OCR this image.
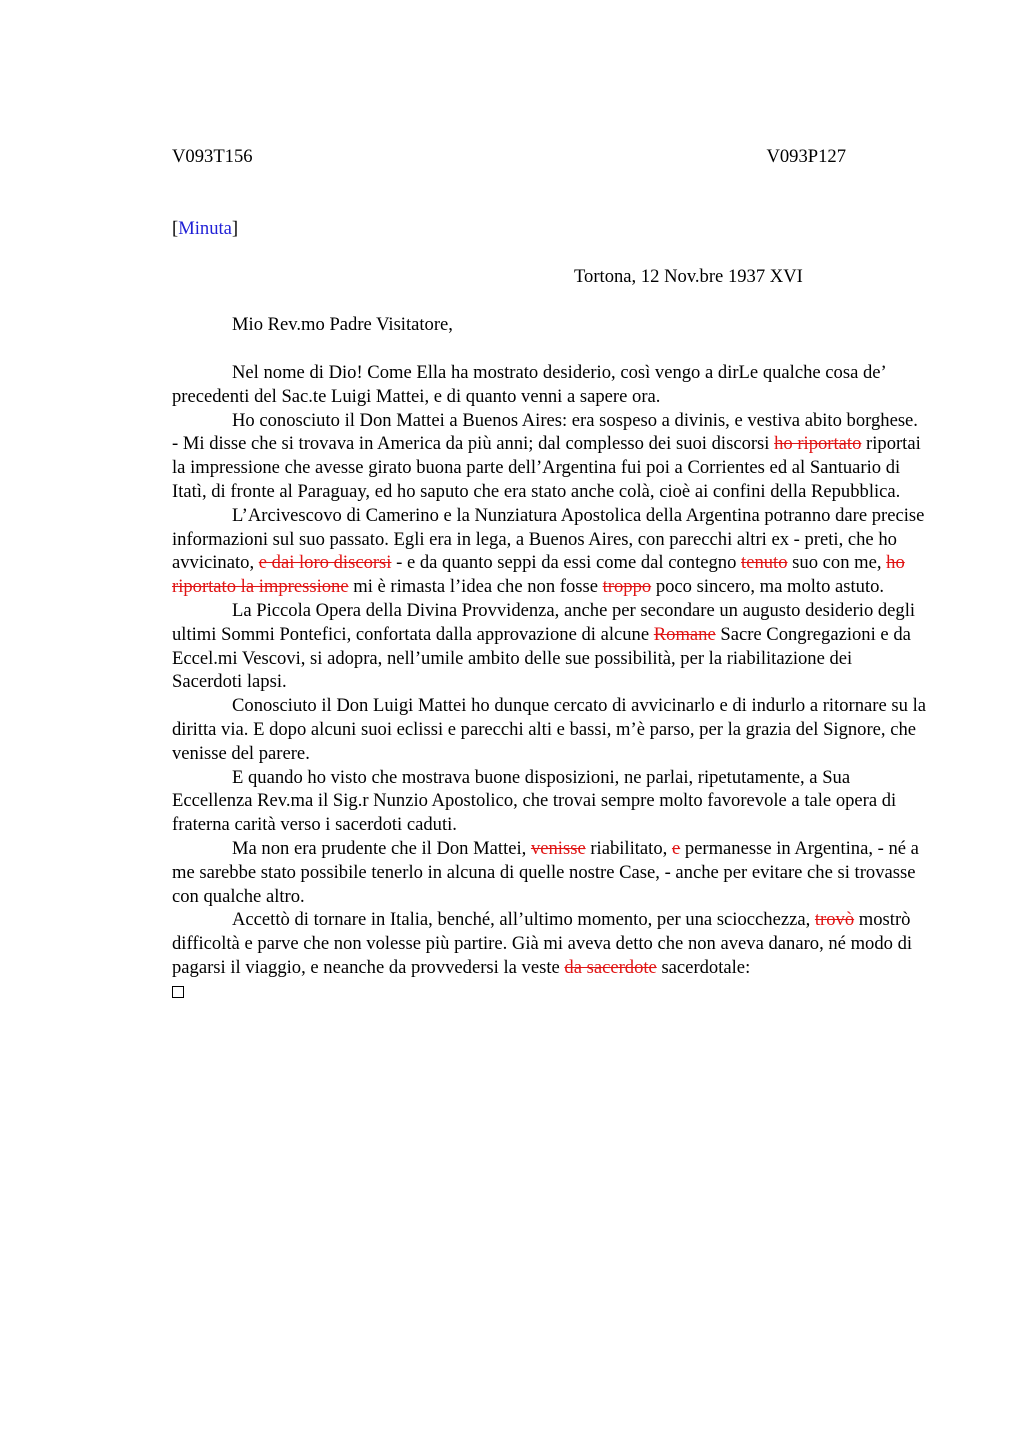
V093T156	V093P127
[Minuta]
Tortona, 12 Nov.bre 1937 XVI
Mio Rev.mo Padre Visitatore,

Nel nome di Dio! Come Ella ha mostrato desiderio, così vengo a dirLe qualche cosa de’ precedenti del Sac.te Luigi Mattei, e di quanto venni a sapere ora.

Ho conosciuto il Don Mattei a Buenos Aires: era sospeso a divinis, e vestiva abito borghese. - Mi disse che si trovava in America da più anni; dal complesso dei suoi discorsi ho riportato riportai la impressione che avesse girato buona parte dell’Argentina fui poi a Corrientes ed al Santuario di Itatì, di fronte al Paraguay, ed ho saputo che era stato anche colà, cioè ai confini della Repubblica.

L’Arcivescovo di Camerino e la Nunziatura Apostolica della Argentina potranno dare precise informazioni sul suo passato. Egli era in lega, a Buenos Aires, con parecchi altri ex - preti, che ho avvicinato, e dai loro discorsi - e da quanto seppi da essi come dal contegno tenuto suo con me, ho riportato la impressione mi è rimasta l’idea che non fosse troppo poco sincero, ma molto astuto.

La Piccola Opera della Divina Provvidenza, anche per secondare un augusto desiderio degli ultimi Sommi Pontefici, confortata dalla approvazione di alcune Romane Sacre Congregazioni e da Eccel.mi Vescovi, si adopra, nell’umile ambito delle sue possibilità, per la riabilitazione dei Sacerdoti lapsi.

Conosciuto il Don Luigi Mattei ho dunque cercato di avvicinarlo e di indurlo a ritornare su la diritta via. E dopo alcuni suoi eclissi e parecchi alti e bassi, m’è parso, per la grazia del Signore, che venisse del parere.

E quando ho visto che mostrava buone disposizioni, ne parlai, ripetutamente, a Sua Eccellenza Rev.ma il Sig.r Nunzio Apostolico, che trovai sempre molto favorevole a tale opera di fraterna carità verso i sacerdoti caduti.

Ma non era prudente che il Don Mattei, venisse riabilitato, e permanesse in Argentina, - né a me sarebbe stato possibile tenerlo in alcuna di quelle nostre Case, - anche per evitare che si trovasse con qualche altro.

Accettò di tornare in Italia, benché, all’ultimo momento, per una sciocchezza, trovò mostrò difficoltà e parve che non volesse più partire. Già mi aveva detto che non aveva danaro, né modo di pagarsi il viaggio, e neanche da provvedersi la veste da sacerdote sacerdotale:
